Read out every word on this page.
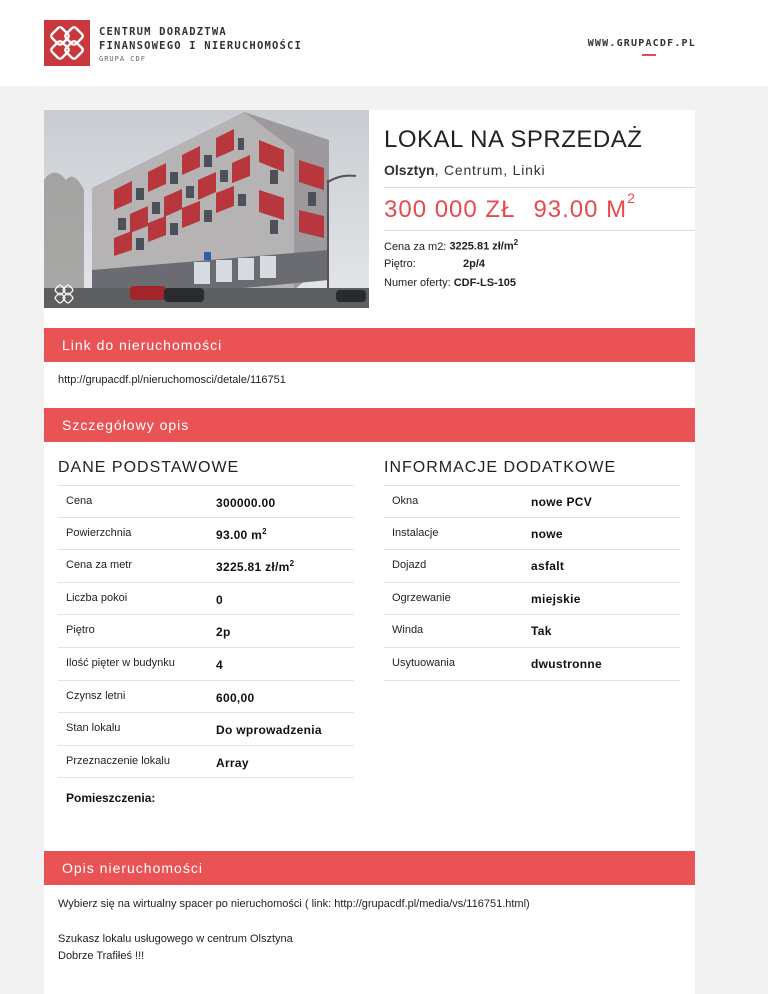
CENTRUM DORADZTWA
FINANSOWEGO I NIERUCHOMOŚCI
GRUPA CDF
WWW.GRUPACDF.PL
LOKAL NA SPRZEDAŻ
Olsztyn, Centrum, Linki
300 000 ZŁ 93.00 $M^2$
Cena za m2: 3225.81 $zł/m^2$
Piętro:	2p/4
Numer oferty: CDF-LS-105
Link do nieruchomości
http://grupacdf.pl/nieruchomosci/detale/116751
Szczegółowy opis
DANE PODSTAWOWE	INFORMACJE DODATKOWE
Cena	300000.00
Powierzchnia	93.00 $m^2$
Cena za metr	3225.81 $zł/m^2$
Liczba pokoi	0
Piętro	2p
Ilość pięter w budynku	4
Czynsz letni	600,00
Stan lokalu	Do wprowadzenia
Przeznaczenie lokalu	Array
Okna	nowe PCV
Instalacje	nowe
Dojazd	asfalt
Ogrzewanie	miejskie
Winda	Tak
Usytuowania	dwustronne
Pomieszczenia:
Opis nieruchomości
Wybierz się na wirtualny spacer po nieruchomości ( link: http://grupacdf.pl/media/vs/116751.html)
Szukasz lokalu usługowego w centrum Olsztyna
Dobrze Trafiłeś !!!
